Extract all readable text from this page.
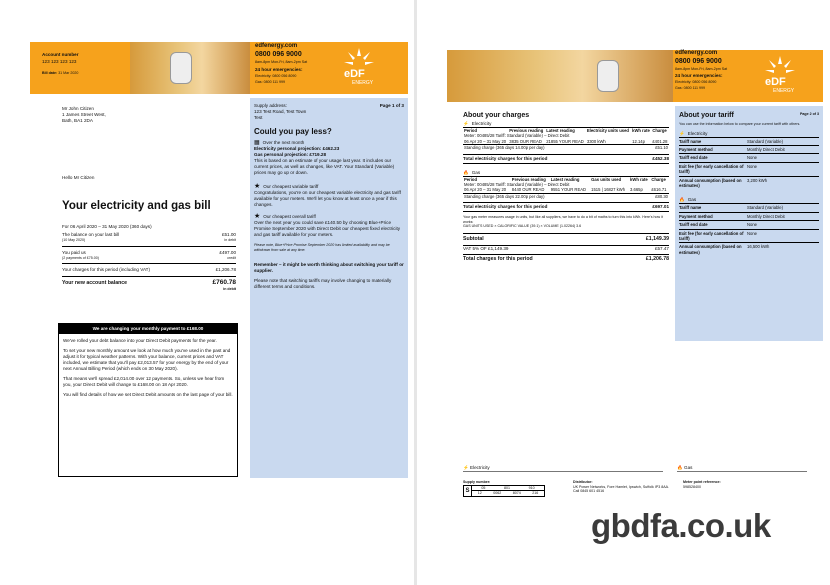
Account number
123 123 123 123
Bill date: 31 Mar 2020
edfenergy.com
0800 096 9000
8am-8pm Mon-Fri, 8am-2pm Sat
24 hour emergencies:
Electricity: 0800 056 8090
Gas: 0800 111 999
eDF
ENERGY
Mr John Citizen
1 James Street West,
Bath, BA1 2DA
Hello Mr Citizen
Your electricity and gas bill
For 06 April 2020 – 31 May 2020 (360 days)
The balance on your last bill	£51.00
(10 May 2020)	in debit
You paid us	£497.00
(2 payments of £75.00)	credit
Your charges for this period (including VAT)	£1,206.78
Your new account balance	£760.78
in debit
We are changing your monthly payment to £168.00

We've rolled your debt balance into your Direct Debit payments for the year.

To set your new monthly amount we look at how much you've used in the past and adjust it for typical weather patterns. With your balance, current prices and VAT included, we estimate that you'll pay £2,013.57 for your energy by the end of your next Annual Billing Period (which ends on 30 May 2020).

That means we'll spread £2,014.00 over 12 payments. So, unless we hear from you, your Direct Debit will change to £168.00 on 18 Apr 2020.

You will find details of how we set Direct Debit amounts on the last page of your bill.

Supply address:	Page 1 of 3
123 Test Road, Test Town
Test
Could you pay less?
▦ Over the next month
Electricity personal projection: £462.23
Gas personal projection: £719.28
This is based on an estimate of your usage last year. It includes our current prices, as well as changes, like VAT. Your Standard (Variable) prices may go up or down.
★ Our cheapest variable tariff
Congratulations, you're on our cheapest variable electricity and gas tariff available for your meters. We'll let you know at least once a year if this changes.
★ Our cheapest overall tariff
Over the next year you could save £140.50 by choosing Blue+Price Promise September 2020 with Direct Debit our cheapest fixed electricity and gas tariff available for your meters.
Please note, Blue+Price Promise September 2020 has limited availability and may be withdrawn from sale at any time.
Remember – it might be worth thinking about switching your tariff or supplier.
Please note that switching tariffs may involve changing to materially different terms and conditions.
edfenergy.com
0800 096 9000
8am-8pm Mon-Fri, 8am-2pm Sat
24 hour emergencies:
Electricity: 0800 056 8090
Gas: 0800 111 999	eDF
ENERGY
About your charges
⚡ Electricity
Period	Previous reading	Latest reading	Electricity units used	kWh rate	Charge
Meter: 00485/28 Tariff: Standard (Variable) – Direct Debit					
06 Apr 20 – 31 May 20	3835 OUR READ	21855 YOUR READ	3300 kWh	12.14p	£401.28
Standing charge (365 days 14.00p per day)					£51.10
Total electricity charges for this period	£452.38
🔥 Gas
Period	Previous reading	Latest reading	Gas units used	kWh rate	Charge
Meter: 00485/28 Tariff: Standard (Variable) – Direct Debit					
06 Apr 20 – 31 May 20	8440 OUR READ	9551 YOUR READ	1515 | 16827 kWh	3.665p	£616.71
Standing charge (365 days 22.00p per day)					£80.30
Total electricity charges for this period	£697.01
Your gas meter measures usage in units, but like all suppliers, we have to do a bit of maths to turn this into kWh. Here's how it works:
GAS UNITS USED × CALORIFIC VALUE (39.1) × VOLUME (1.02264) 3.6
Subtotal	£1,149.39
VAT 5% OF £1,149.39	£57.47
Total charges for this period	£1,206.78
About your tariff	Page 2 of 3
You can use the information below to compare your current tariff with others.
⚡ Electricity
Tariff name	Standard (Variable)
Payment method	Monthly Direct Debit
Tariff end date	None
Exit fee (for early cancellation of tariff)
None
Annual consumption (based on estimates)
3,200 kWh
🔥 Gas
Tariff name	Standard (Variable)
Payment method	Monthly Direct Debit
Tariff end date	None
Exit fee (for early cancellation of tariff)
None
Annual consumption (based on estimates)
16,500 kWh
⚡ Electricity	🔥 Gas
Supply number:
S
05	801	910
12	0062	8074	216
Distributor:
UK Power Networks, Fore Hamlet, Ipswich, Suffolk IP3 8AA. Call 0845 601 4516
Meter point reference:
598528400
gbdfa.co.uk
